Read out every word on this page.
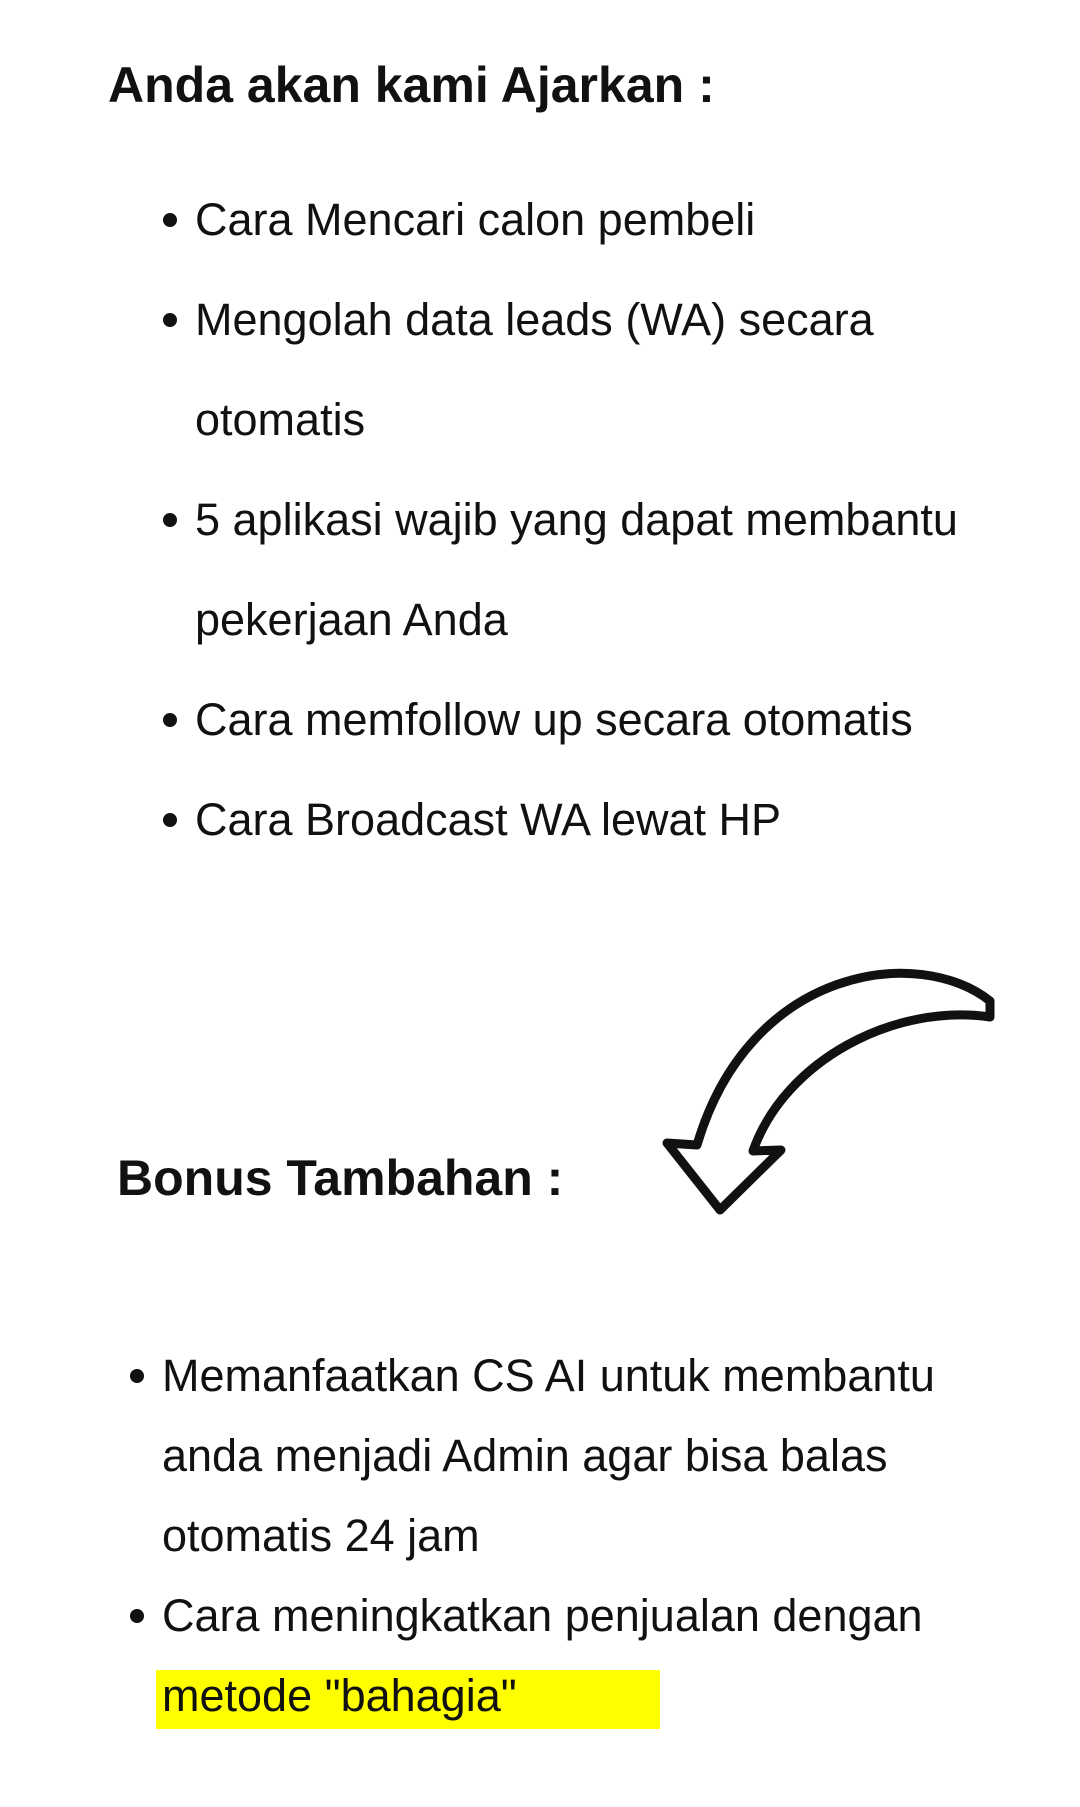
Anda akan kami Ajarkan :
Cara Mencari calon pembeli
Mengolah data leads (WA) secara otomatis
5 aplikasi wajib yang dapat membantu pekerjaan Anda
Cara memfollow up secara otomatis
Cara Broadcast WA lewat HP
Bonus Tambahan :
Memanfaatkan CS AI untuk membantu anda menjadi Admin agar bisa balas otomatis 24 jam
Cara meningkatkan penjualan dengan
metode "bahagia"
